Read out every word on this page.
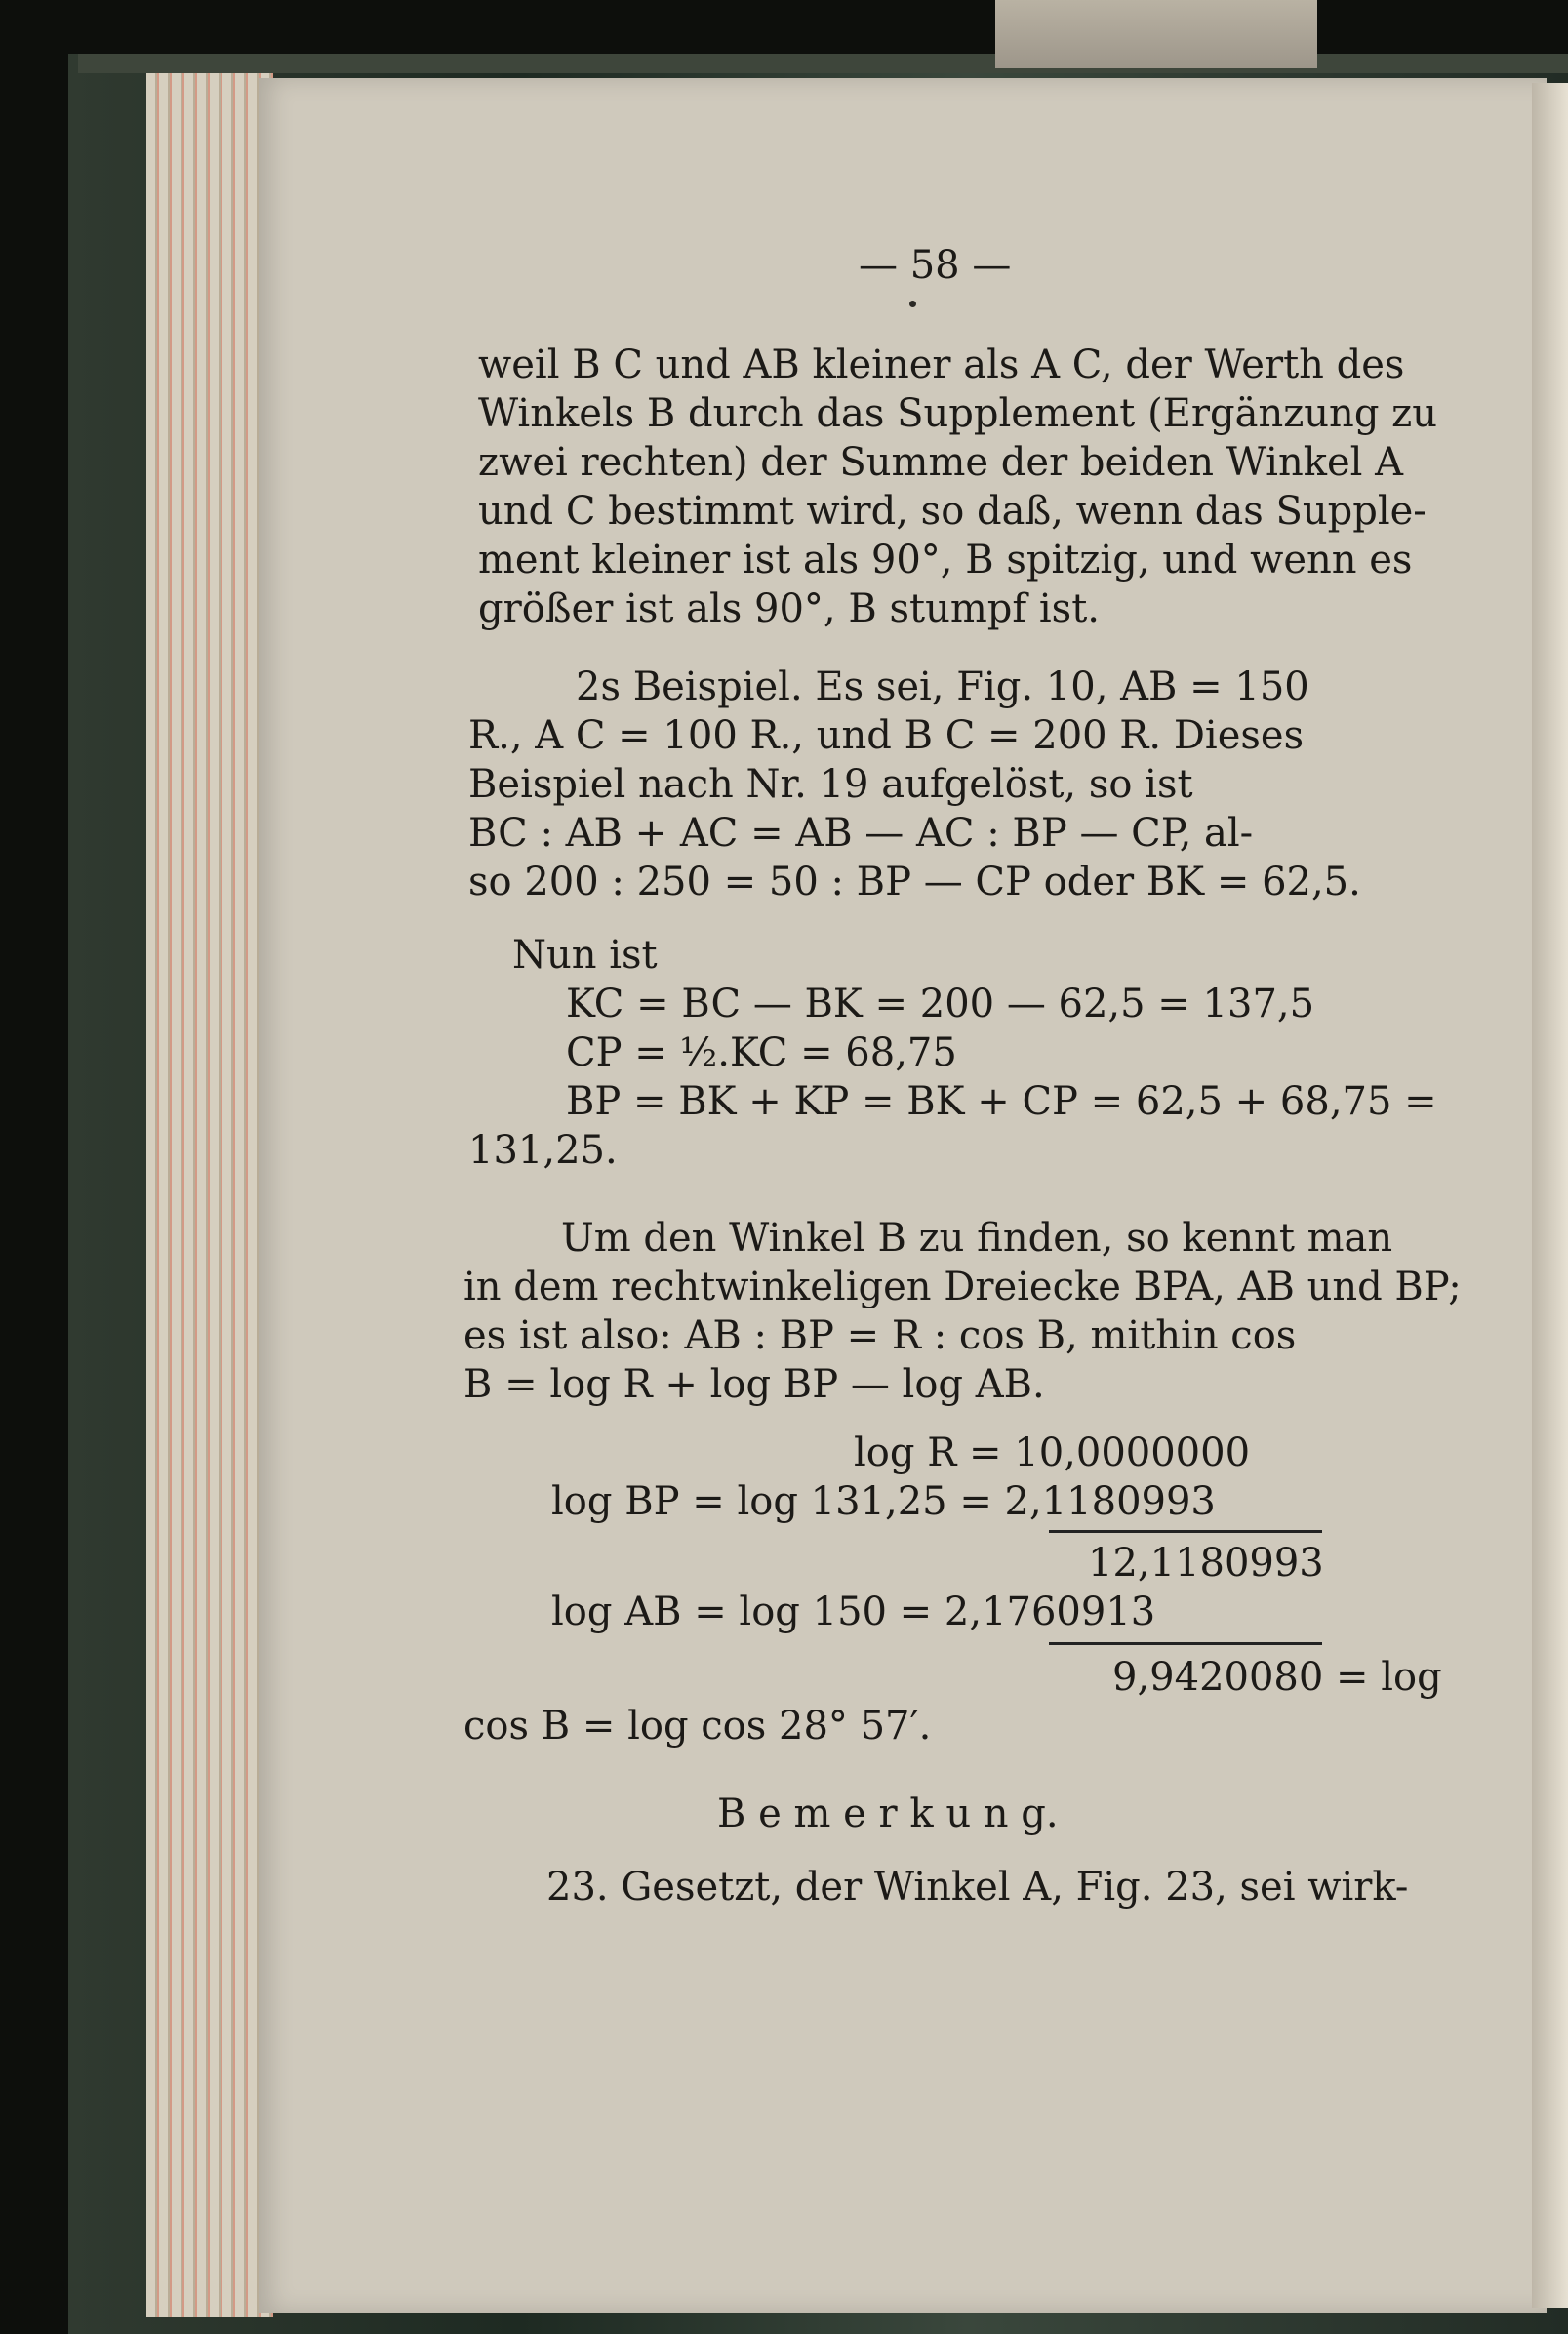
— 58 —
weil B C und AB kleiner als A C, der Werth des
Winkels B durch das Supplement (Ergänzung zu
zwei rechten) der Summe der beiden Winkel A
und C bestimmt wird, so daß, wenn das Supple-
ment kleiner ist als 90°, B spitzig, und wenn es
größer ist als 90°, B stumpf ist.
2s Beispiel. Es sei, Fig. 10, AB = 150
R., A C = 100 R., und B C = 200 R. Dieses
Beispiel nach Nr. 19 aufgelöst, so ist
BC : AB + AC = AB — AC : BP — CP, al-
so 200 : 250 = 50 : BP — CP oder BK = 62,5.
Nun ist
KC = BC — BK = 200 — 62,5 = 137,5
CP = ½.KC = 68,75
BP = BK + KP = BK + CP = 62,5 + 68,75 =
131,25.
Um den Winkel B zu finden, so kennt man
in dem rechtwinkeligen Dreiecke BPA, AB und BP;
es ist also: AB : BP = R : cos B, mithin cos
B = log R + log BP — log AB.
log R = 10,0000000
log BP = log 131,25 = 2,1180993
12,1180993
log AB = log 150 = 2,1760913
9,9420080 = log
cos B = log cos 28° 57′.
B e m e r k u n g.
23. Gesetzt, der Winkel A, Fig. 23, sei wirk-
